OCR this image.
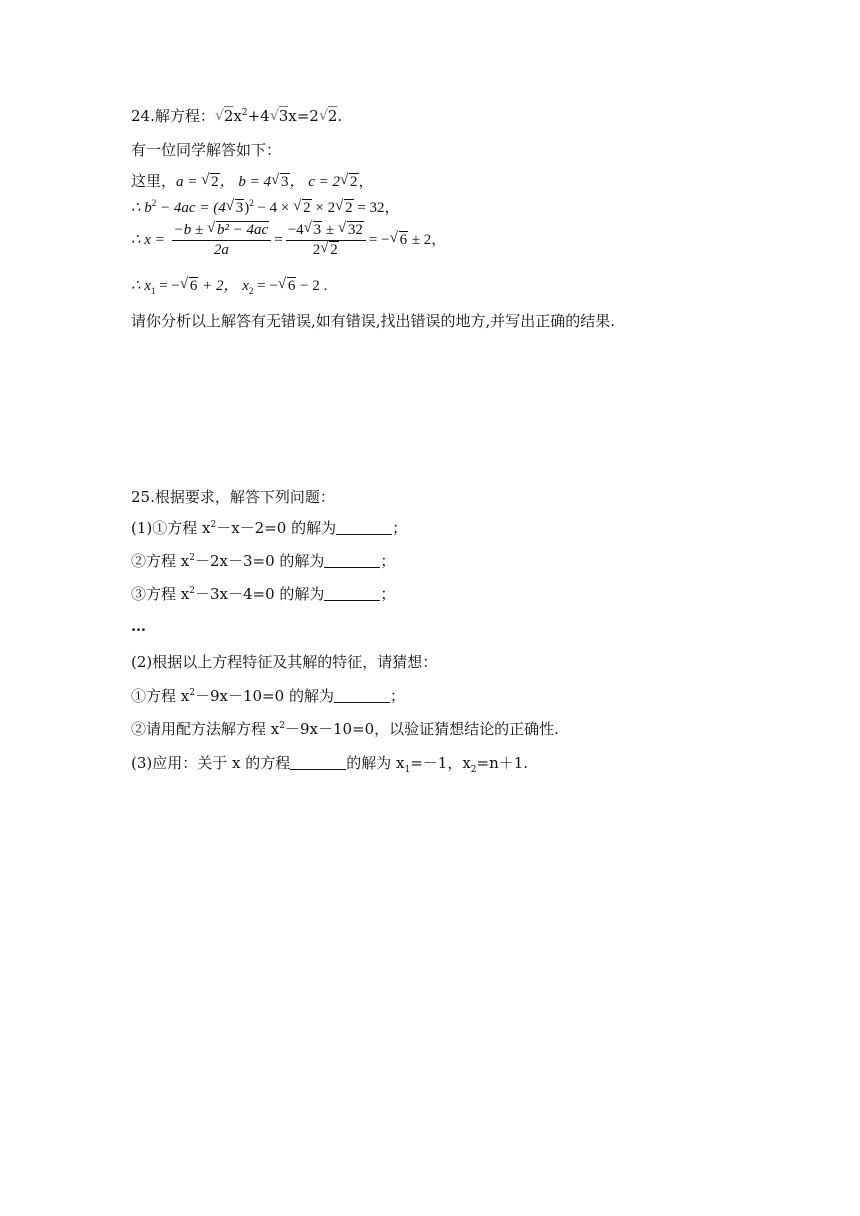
24.解方程：√ $2x^2+4√$ 3x=2√ 2.
有一位同学解答如下：
这里，a = √ 2， b = 4√ 3， c = 2√ 2，
∴ $b^2 - 4ac = (4√$ 3)$^2$ − 4 × √ 2 × 2√ 2 = 32，
∴ $x = \frac{\text{−b ± √ b² − 4ac}}{2a} = \frac{-4√ 3 \pm √ 32}{2√ 2}$ = −√ 6 ± 2，
∴ $x_1$ = −√ 6 + 2， $x_2$ = −√ 6 − 2 .
请你分析以上解答有无错误,如有错误,找出错误的地方,并写出正确的结果.
25.根据要求，解答下列问题：
(1)①方程 $x^2-x-2=0$ 的解为	；
②方程 $x^2-2x-3=0$ 的解为	；
③方程 $x^2-3x-4=0$ 的解为	；
…
(2)根据以上方程特征及其解的特征，请猜想：
①方程 $x^2-9x-10=0$ 的解为	；
②请用配方法解方程 $x^2-9x-10=0$，以验证猜想结论的正确性.
(3)应用：关于 x 的方程	的解为 $x_1=-1$，$x_2=n+1$.
